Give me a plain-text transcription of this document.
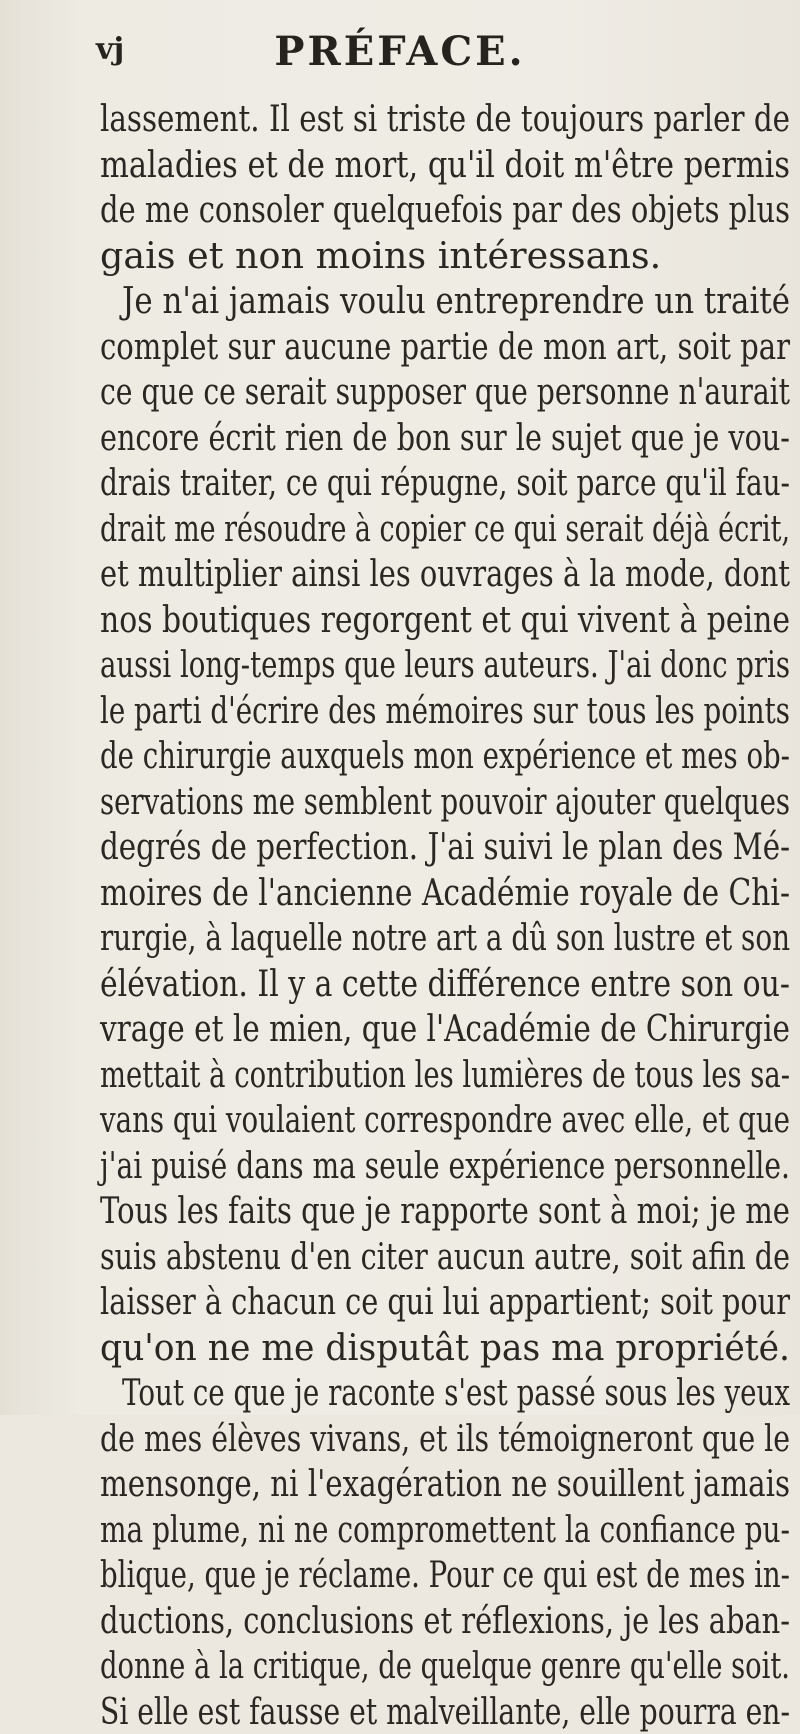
vj	PRÉFACE.
lassement. Il est si triste de toujours parler de
maladies et de mort, qu'il doit m'être permis
de me consoler quelquefois par des objets plus
gais et non moins intéressans.
Je n'ai jamais voulu entreprendre un traité
complet sur aucune partie de mon art, soit par
ce que ce serait supposer que personne n'aurait
encore écrit rien de bon sur le sujet que je vou-
drais traiter, ce qui répugne, soit parce qu'il fau-
drait me résoudre à copier ce qui serait déjà écrit,
et multiplier ainsi les ouvrages à la mode, dont
nos boutiques regorgent et qui vivent à peine
aussi long-temps que leurs auteurs. J'ai donc pris
le parti d'écrire des mémoires sur tous les points
de chirurgie auxquels mon expérience et mes ob-
servations me semblent pouvoir ajouter quelques
degrés de perfection. J'ai suivi le plan des Mé-
moires de l'ancienne Académie royale de Chi-
rurgie, à laquelle notre art a dû son lustre et son
élévation. Il y a cette différence entre son ou-
vrage et le mien, que l'Académie de Chirurgie
mettait à contribution les lumières de tous les sa-
vans qui voulaient correspondre avec elle, et que
j'ai puisé dans ma seule expérience personnelle.
Tous les faits que je rapporte sont à moi; je me
suis abstenu d'en citer aucun autre, soit afin de
laisser à chacun ce qui lui appartient; soit pour
qu'on ne me disputât pas ma propriété.
Tout ce que je raconte s'est passé sous les yeux
de mes élèves vivans, et ils témoigneront que le
mensonge, ni l'exagération ne souillent jamais
ma plume, ni ne compromettent la confiance pu-
blique, que je réclame. Pour ce qui est de mes in-
ductions, conclusions et réflexions, je les aban-
donne à la critique, de quelque genre qu'elle soit.
Si elle est fausse et malveillante, elle pourra en-
